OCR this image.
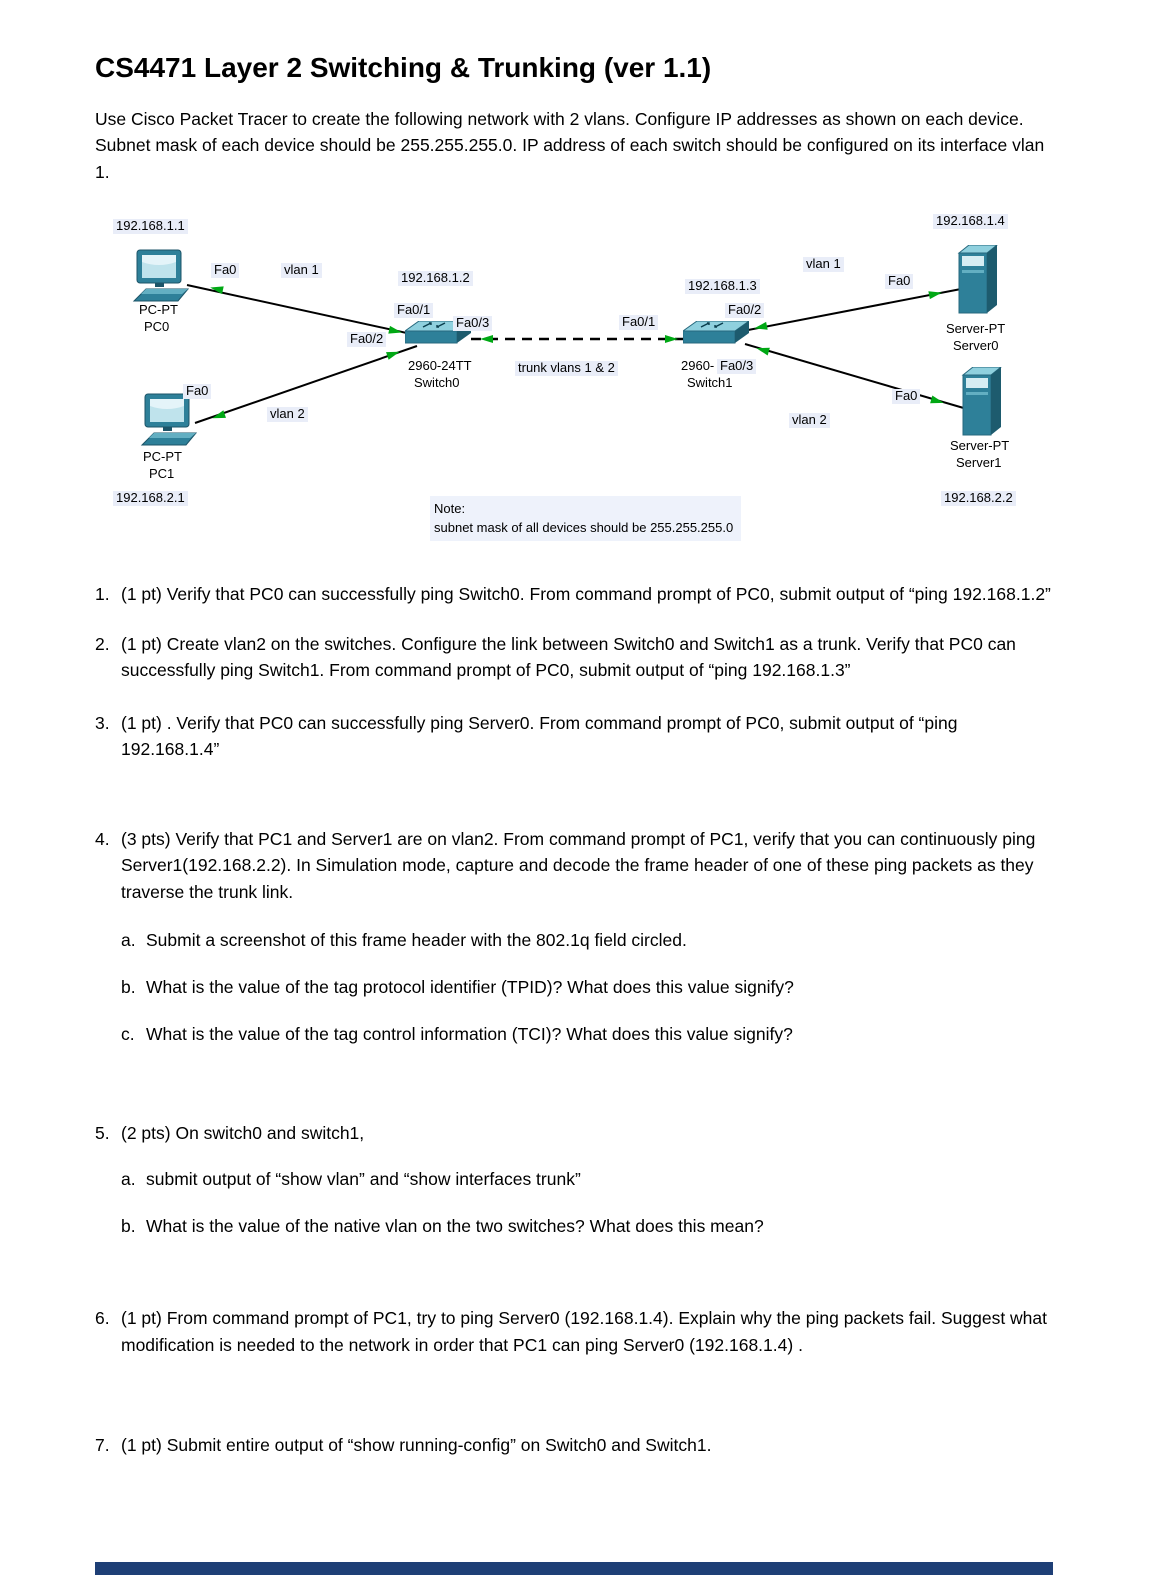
CS4471 Layer 2 Switching & Trunking (ver 1.1)

Use Cisco Packet Tracer to create the following network with 2 vlans. Configure IP addresses as shown on each device. Subnet mask of each device should be 255.255.255.0. IP address of each switch should be configured on its interface vlan 1.

192.168.1.1
PC-PT
PC0
Fa0	vlan 1
Fa0
vlan 2
PC-PT
PC1
192.168.2.1
192.168.1.2
Fa0/1
Fa0/3
Fa0/2
2960-24TT
Switch0
trunk vlans 1 & 2
192.168.1.3
Fa0/1
Fa0/2
2960- Fa0/3
Switch1
192.168.1.4
vlan 1
Fa0
Server-PT
Server0
vlan 2
Fa0
Server-PT
Server1
192.168.2.2
Note:
subnet mask of all devices should be 255.255.255.0
1. (1 pt) Verify that PC0 can successfully ping Switch0. From command prompt of PC0, submit output of “ping 192.168.1.2”
2. (1 pt) Create vlan2 on the switches. Configure the link between Switch0 and Switch1 as a trunk. Verify that PC0 can successfully ping Switch1. From command prompt of PC0, submit output of “ping 192.168.1.3”
3. (1 pt) . Verify that PC0 can successfully ping Server0. From command prompt of PC0, submit output of “ping 192.168.1.4”
4. (3 pts) Verify that PC1 and Server1 are on vlan2. From command prompt of PC1, verify that you can continuously ping Server1(192.168.2.2). In Simulation mode, capture and decode the frame header of one of these ping packets as they traverse the trunk link.
a. Submit a screenshot of this frame header with the 802.1q field circled.
b. What is the value of the tag protocol identifier (TPID)? What does this value signify?
c. What is the value of the tag control information (TCI)? What does this value signify?
5. (2 pts) On switch0 and switch1,
a. submit output of “show vlan” and “show interfaces trunk”
b. What is the value of the native vlan on the two switches? What does this mean?
6. (1 pt) From command prompt of PC1, try to ping Server0 (192.168.1.4). Explain why the ping packets fail. Suggest what modification is needed to the network in order that PC1 can ping Server0 (192.168.1.4) .
7. (1 pt) Submit entire output of “show running-config” on Switch0 and Switch1.
